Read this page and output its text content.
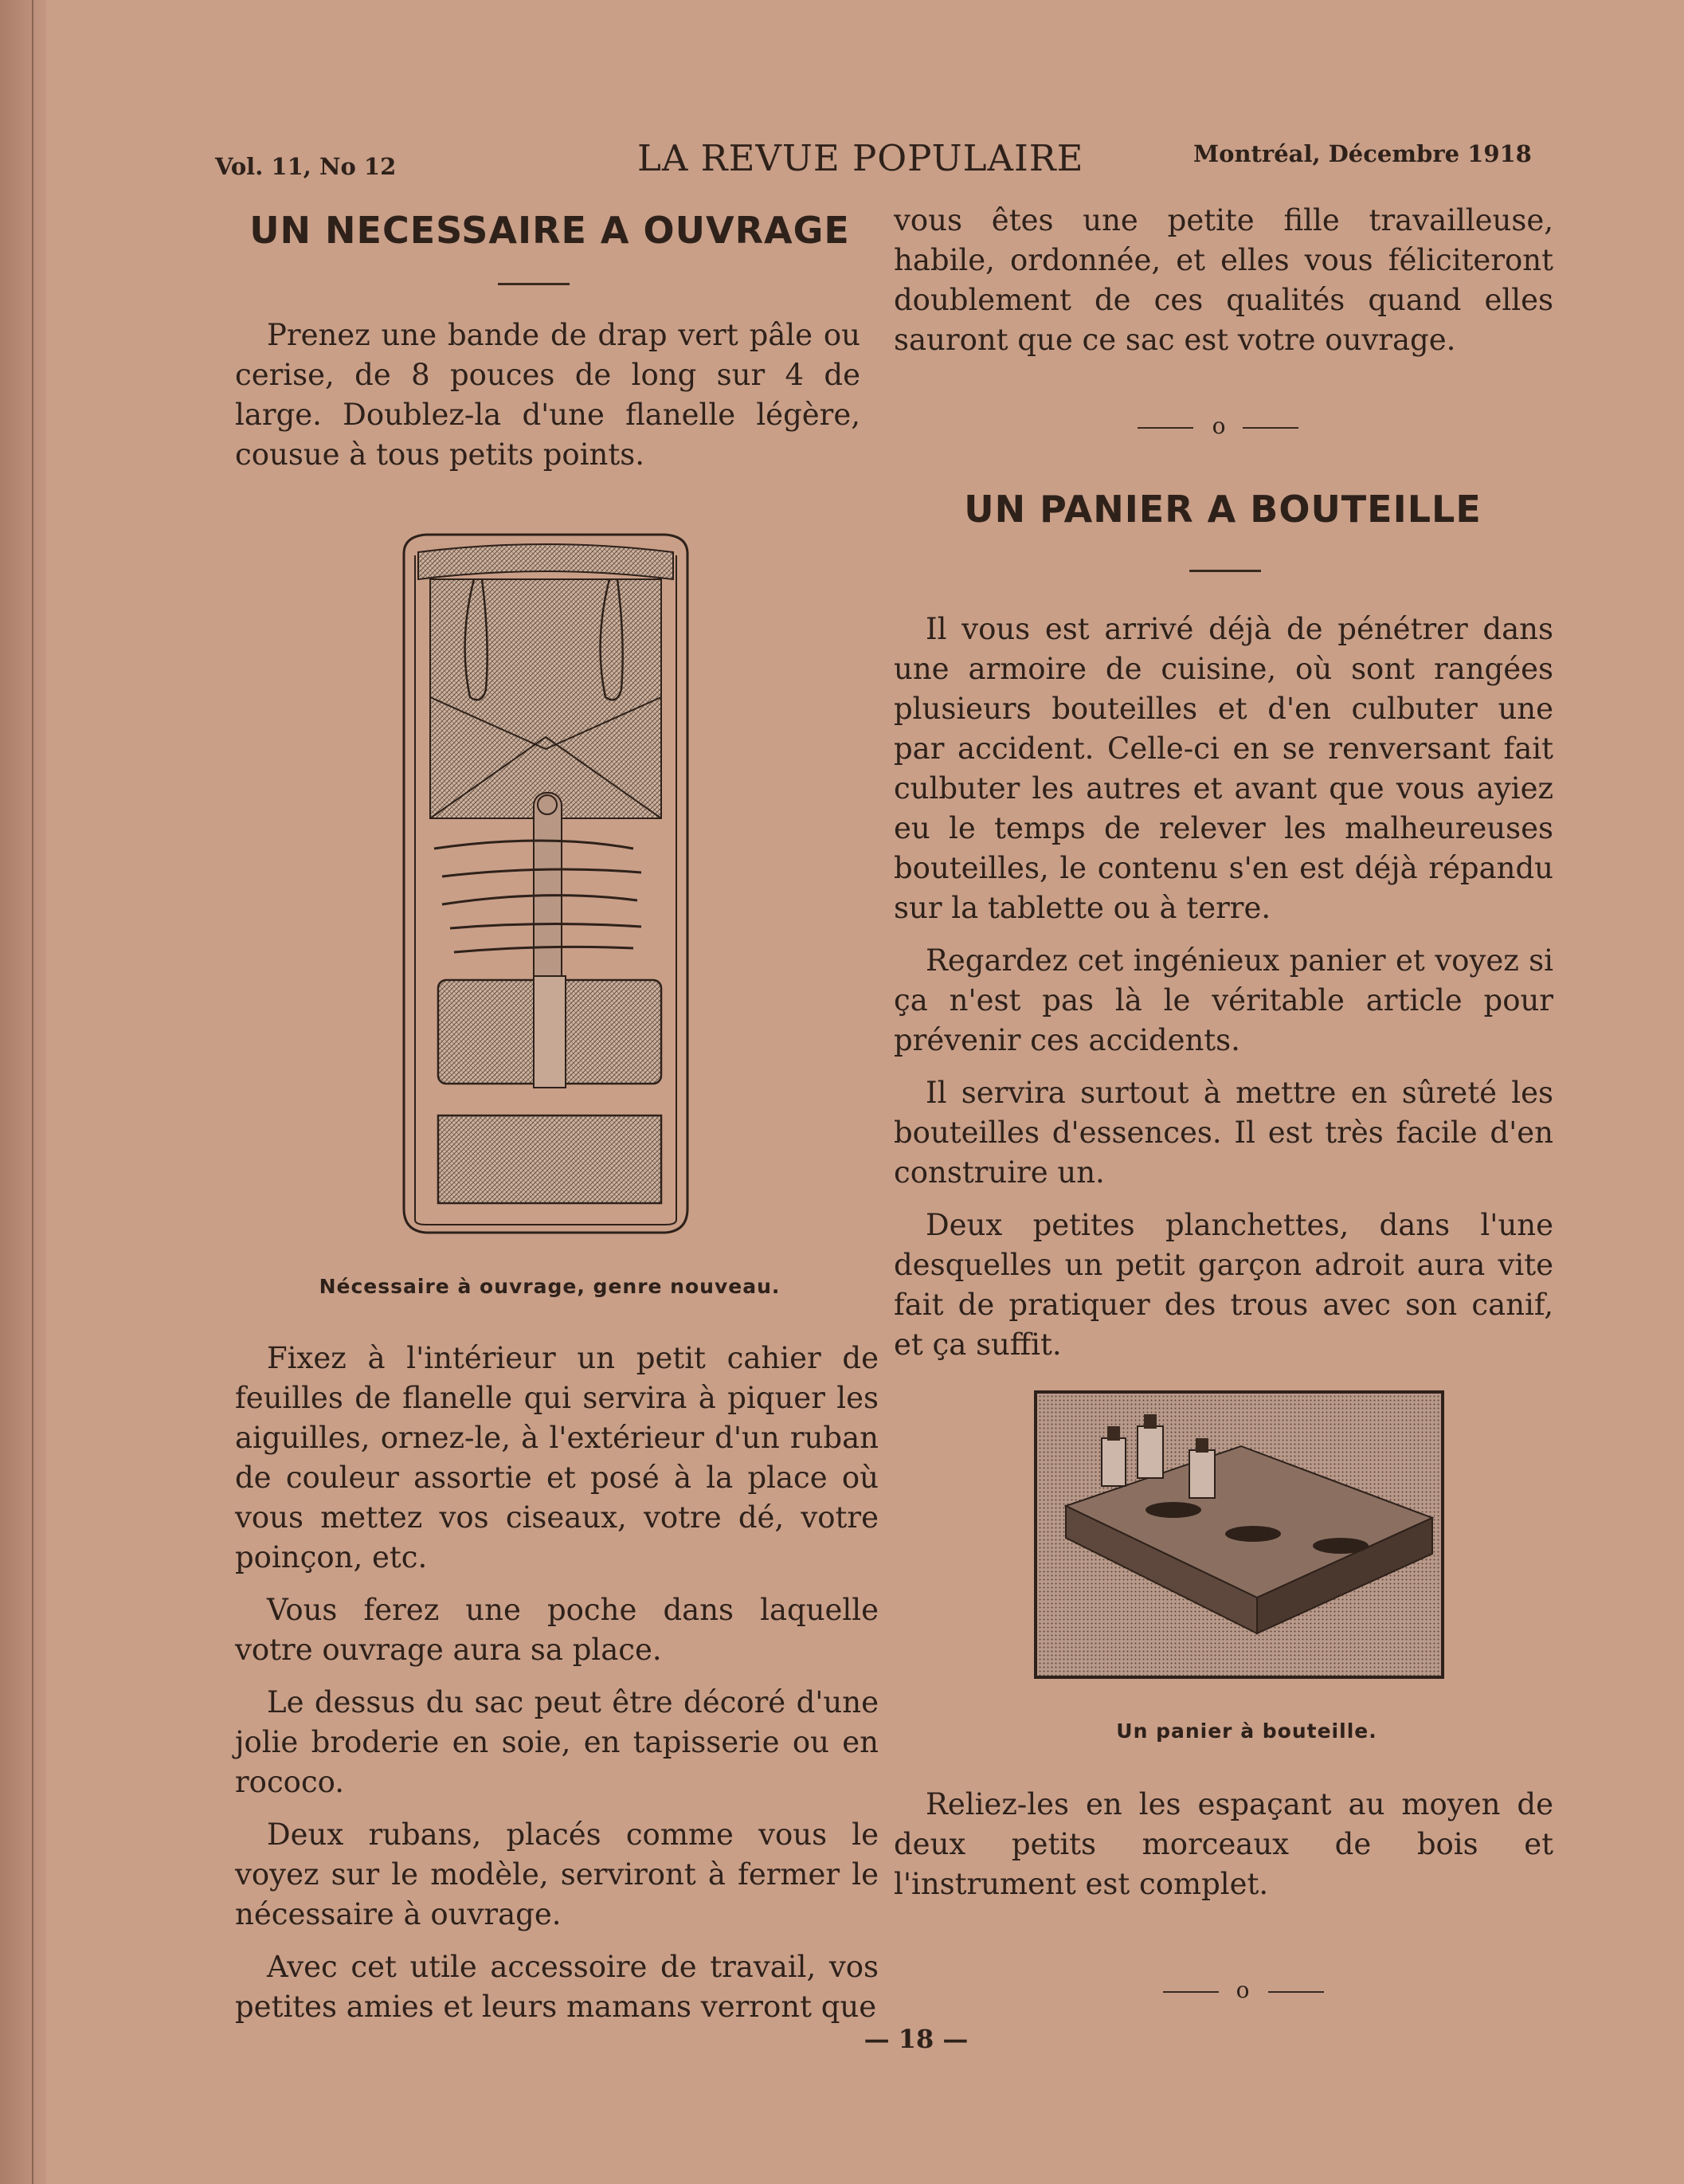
Vol. 11, No 12	LA REVUE POPULAIRE	Montréal, Décembre 1918
UN NECESSAIRE A OUVRAGE

Prenez une bande de drap vert pâle ou cerise, de 8 pouces de long sur 4 de large. Doublez-la d'une flanelle légère, cousue à tous petits points.

Nécessaire à ouvrage, genre nouveau.

Fixez à l'intérieur un petit cahier de feuilles de flanelle qui servira à piquer les aiguilles, ornez-le, à l'extérieur d'un ruban de couleur assortie et posé à la place où vous mettez vos ciseaux, votre dé, votre poinçon, etc.

Vous ferez une poche dans laquelle votre ouvrage aura sa place.

Le dessus du sac peut être décoré d'une jolie broderie en soie, en tapisserie ou en rococo.

Deux rubans, placés comme vous le voyez sur le modèle, serviront à fermer le nécessaire à ouvrage.

Avec cet utile accessoire de travail, vos petites amies et leurs mamans verront que

vous êtes une petite fille travailleuse, habile, ordonnée, et elles vous féliciteront doublement de ces qualités quand elles sauront que ce sac est votre ouvrage.

o
UN PANIER A BOUTEILLE

Il vous est arrivé déjà de pénétrer dans une armoire de cuisine, où sont rangées plusieurs bouteilles et d'en culbuter une par accident. Celle-ci en se renversant fait culbuter les autres et avant que vous ayiez eu le temps de relever les malheureuses bouteilles, le contenu s'en est déjà répandu sur la tablette ou à terre.

Regardez cet ingénieux panier et voyez si ça n'est pas là le véritable article pour prévenir ces accidents.

Il servira surtout à mettre en sûreté les bouteilles d'essences. Il est très facile d'en construire un.

Deux petites planchettes, dans l'une desquelles un petit garçon adroit aura vite fait de pratiquer des trous avec son canif, et ça suffit.

Un panier à bouteille.

Reliez-les en les espaçant au moyen de deux petits morceaux de bois et l'instrument est complet.

o
— 18 —
